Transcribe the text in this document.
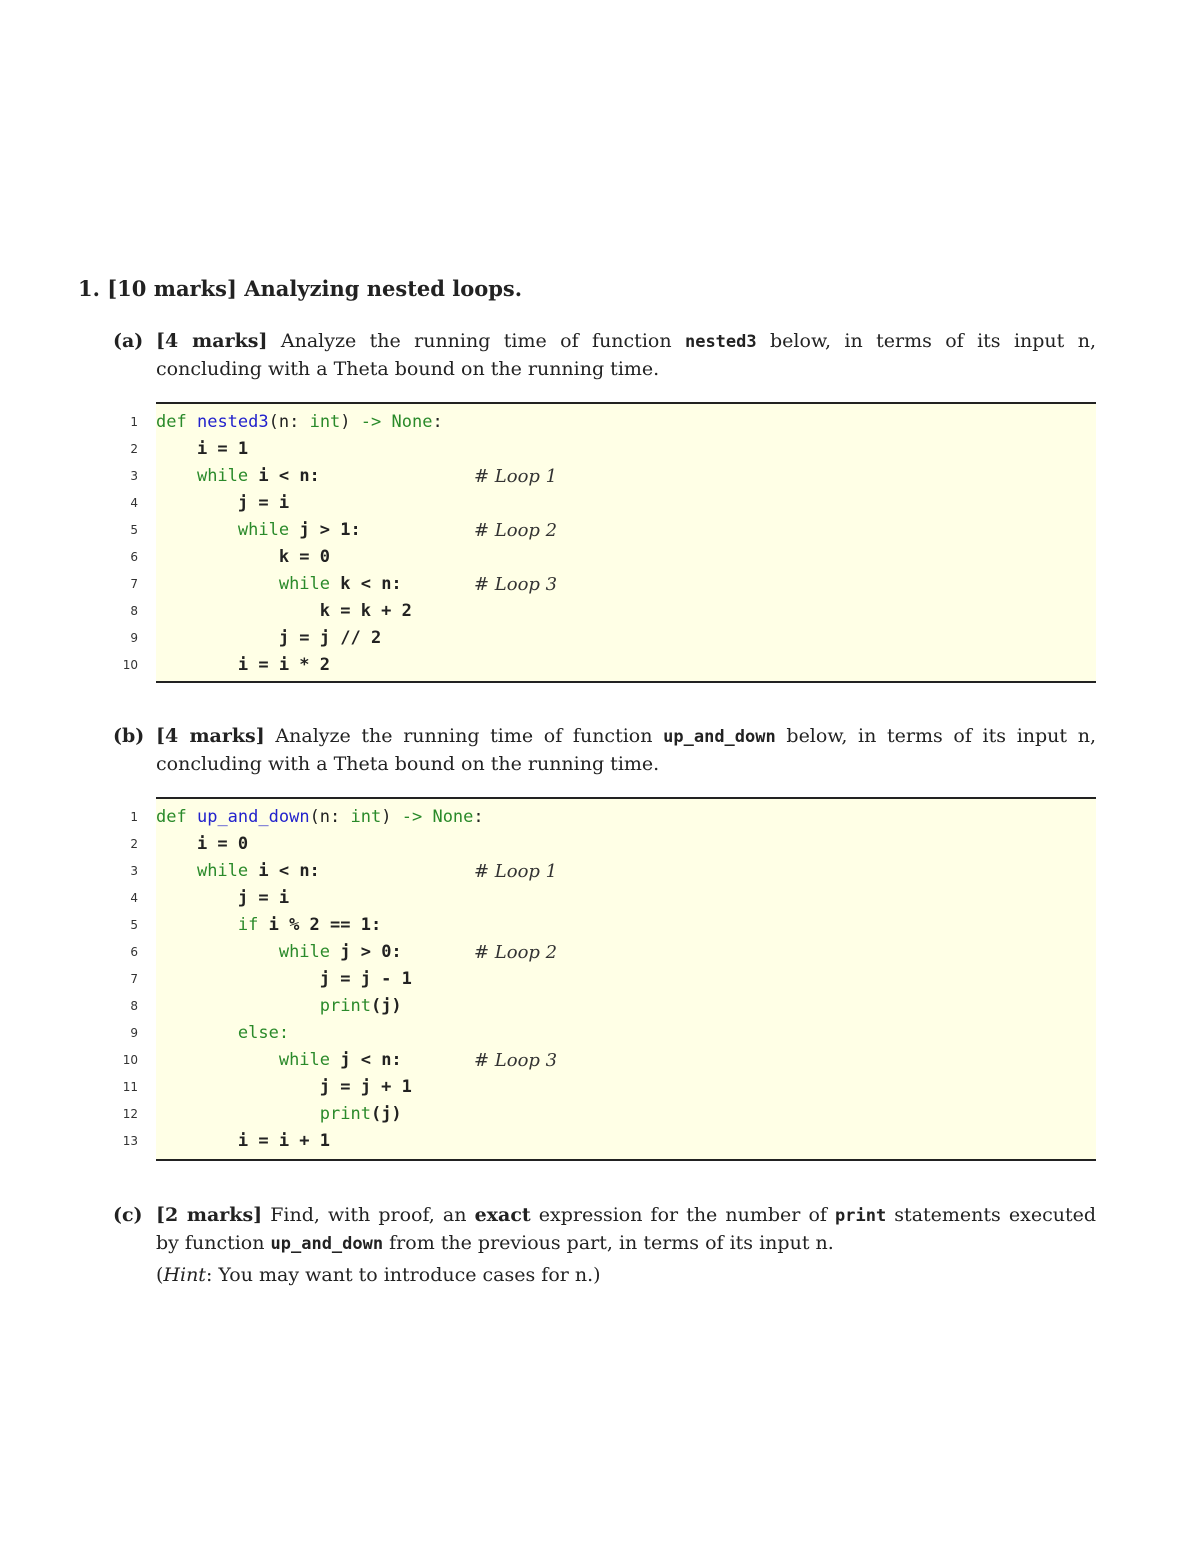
1. [10 marks] Analyzing nested loops.
(a) [4 marks] Analyze the running time of function nested3 below, in terms of its input n, concluding with a Theta bound on the running time.

1 def nested3(n: int) -> None:
2	i = 1
3	while i < n:	# Loop 1
4	j = i
5	while j > 1:	# Loop 2
6	k = 0
7	while k < n:	# Loop 3
8	k = k + 2
9	j = j // 2
10	i = i * 2
(b) [4 marks] Analyze the running time of function up_and_down below, in terms of its input n, concluding with a Theta bound on the running time.

1 def up_and_down(n: int) -> None:
2	i = 0
3	while i < n:	# Loop 1
4	j = i
5	if i % 2 == 1:
6	while j > 0:	# Loop 2
7	j = j - 1
8	print(j)
9	else:
10	while j < n:	# Loop 3
11	j = j + 1
12	print(j)
13	i = i + 1
(c) [2 marks] Find, with proof, an exact expression for the number of print statements executed by function up_and_down from the previous part, in terms of its input n.

(Hint: You may want to introduce cases for n.)
